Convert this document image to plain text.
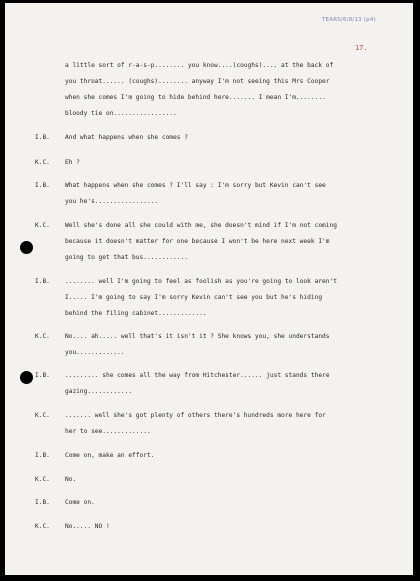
TEARS/6/8/13 (p4)
17.
a little sort of r-a-s-p........ you know....(coughs).... at the back of
you throat...... (coughs)........ anyway I'm not seeing this Mrs Cooper
when she comes I'm going to hide behind here....... I mean I'm........
bloody tie on.................
I.B. And what happens when she comes ?
K.C. Eh ?
I.B. What happens when she comes ? I'll say : I'm sorry but Kevin can't see
you he's.................
K.C. Well she's done all she could with me, she doesn't mind if I'm not coming
because it doesn't matter for one because I won't be here next week I'm
going to get that bus............
I.B. ........ well I'm going to feel as foolish as you're going to look aren't
I..... I'm going to say I'm sorry Kevin can't see you but he's hiding
behind the filing cabinet.............
K.C. No.... ah..... well that's it isn't it ? She knows you, she understands
you.............
I.B. ......... she comes all the way from Hitchester...... just stands there
gazing............
K.C. ....... well she's got plenty of others there's hundreds more here for
her to see.............
I.B. Come on, make an effort.
K.C. No.
I.B. Come on.
K.C. No..... NO !
